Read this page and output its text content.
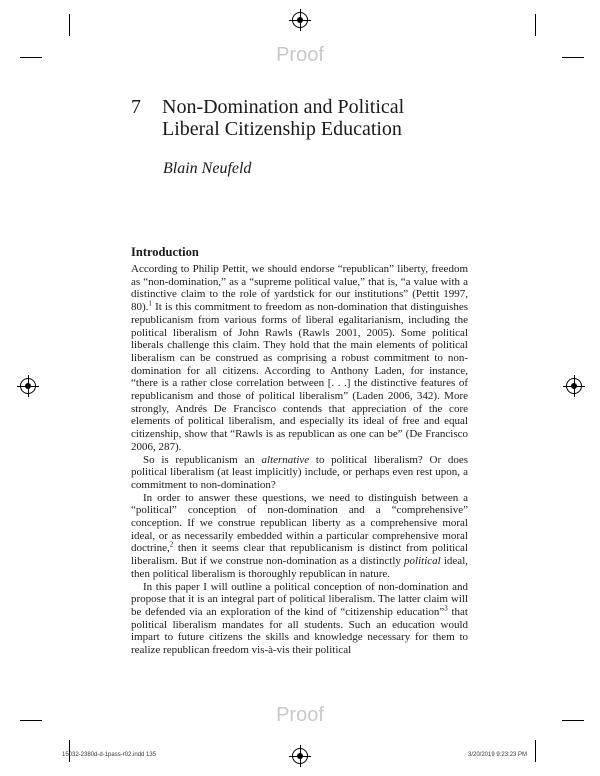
Proof
Proof
7 Non-Domination and Political
Liberal Citizenship Education
Blain Neufeld
Introduction

According to Philip Pettit, we should endorse “republican” liberty, freedom as “non-domination,” as a “supreme political value,” that is, “a value with a distinctive claim to the role of yardstick for our institutions” (Pettit 1997, 80).$^1$ It is this commitment to freedom as non-domination that distinguishes republicanism from various forms of liberal egalitarianism, including the political liberalism of John Rawls (Rawls 2001, 2005). Some political liberals challenge this claim. They hold that the main elements of political liberalism can be construed as comprising a robust commitment to non-domination for all citizens. According to Anthony Laden, for instance, “there is a rather close correlation between [. . .] the distinctive features of republicanism and those of political liberalism” (Laden 2006, 342). More strongly, Andrés De Francisco contends that appreciation of the core elements of political liberalism, and especially its ideal of free and equal citizenship, show that “Rawls is as republican as one can be” (De Francisco 2006, 287).

So is republicanism an alternative to political liberalism? Or does political liberalism (at least implicitly) include, or perhaps even rest upon, a commitment to non-domination?

In order to answer these questions, we need to distinguish between a “political” conception of non-domination and a “comprehensive” conception. If we construe republican liberty as a comprehensive moral ideal, or as necessarily embedded within a particular comprehensive moral doctrine,$^2$ then it seems clear that republicanism is distinct from political liberalism. But if we construe non-domination as a distinctly political ideal, then political liberalism is thoroughly republican in nature.

In this paper I will outline a political conception of non-domination and propose that it is an integral part of political liberalism. The latter claim will be defended via an exploration of the kind of “citizenship education”$^3$ that political liberalism mandates for all students. Such an education would impart to future citizens the skills and knowledge necessary for them to realize republican freedom vis-à-vis their political

15032-2380d-d-1pass-r02.indd 135	3/20/2019 9:23:23 PM
